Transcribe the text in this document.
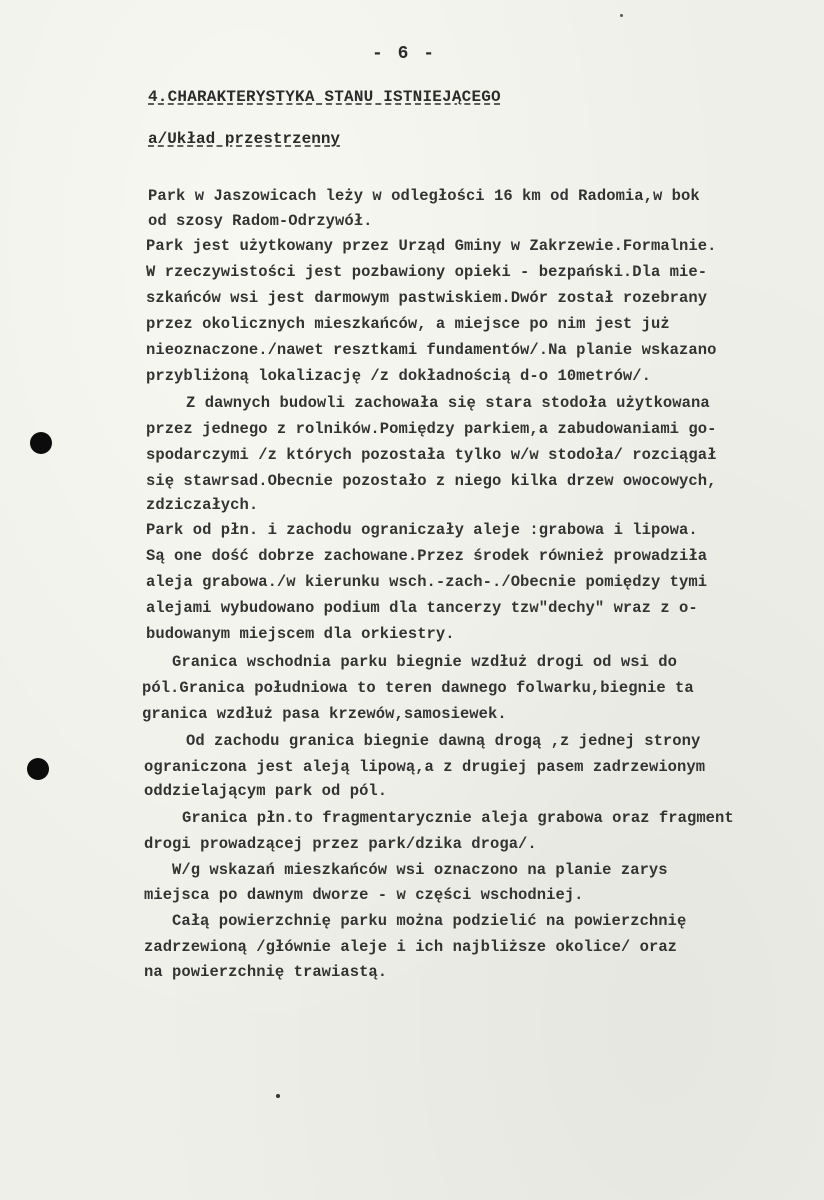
- 6 -
4.CHARAKTERYSTYKA STANU ISTNIEJĄCEGO
a/Układ przestrzenny
Park w Jaszowicach leży w odległości 16 km od Radomia,w bok
od szosy Radom-Odrzywół.
Park jest użytkowany przez Urząd Gminy w Zakrzewie.Formalnie.
W rzeczywistości jest pozbawiony opieki - bezpański.Dla mie-
szkańców wsi jest darmowym pastwiskiem.Dwór został rozebrany
przez okolicznych mieszkańców, a miejsce po nim jest już
nieoznaczone./nawet resztkami fundamentów/.Na planie wskazano
przybliżoną lokalizację /z dokładnością d-o 10metrów/.
Z dawnych budowli zachowała się stara stodoła użytkowana
przez jednego z rolników.Pomiędzy parkiem,a zabudowaniami go-
spodarczymi /z których pozostała tylko w/w stodoła/ rozciągał
się stawrsad.Obecnie pozostało z niego kilka drzew owocowych,
zdziczałych.
Park od płn. i zachodu ograniczały aleje :grabowa i lipowa.
Są one dość dobrze zachowane.Przez środek również prowadziła
aleja grabowa./w kierunku wsch.-zach-./Obecnie pomiędzy tymi
alejami wybudowano podium dla tancerzy tzw"dechy" wraz z o-
budowanym miejscem dla orkiestry.
Granica wschodnia parku biegnie wzdłuż drogi od wsi do
pól.Granica południowa to teren dawnego folwarku,biegnie ta
granica wzdłuż pasa krzewów,samosiewek.
Od zachodu granica biegnie dawną drogą ,z jednej strony
ograniczona jest aleją lipową,a z drugiej pasem zadrzewionym
oddzielającym park od pól.
Granica płn.to fragmentarycznie aleja grabowa oraz fragment
drogi prowadzącej przez park/dzika droga/.
W/g wskazań mieszkańców wsi oznaczono na planie zarys
miejsca po dawnym dworze - w części wschodniej.
Całą powierzchnię parku można podzielić na powierzchnię
zadrzewioną /głównie aleje i ich najbliższe okolice/ oraz
na powierzchnię trawiastą.
